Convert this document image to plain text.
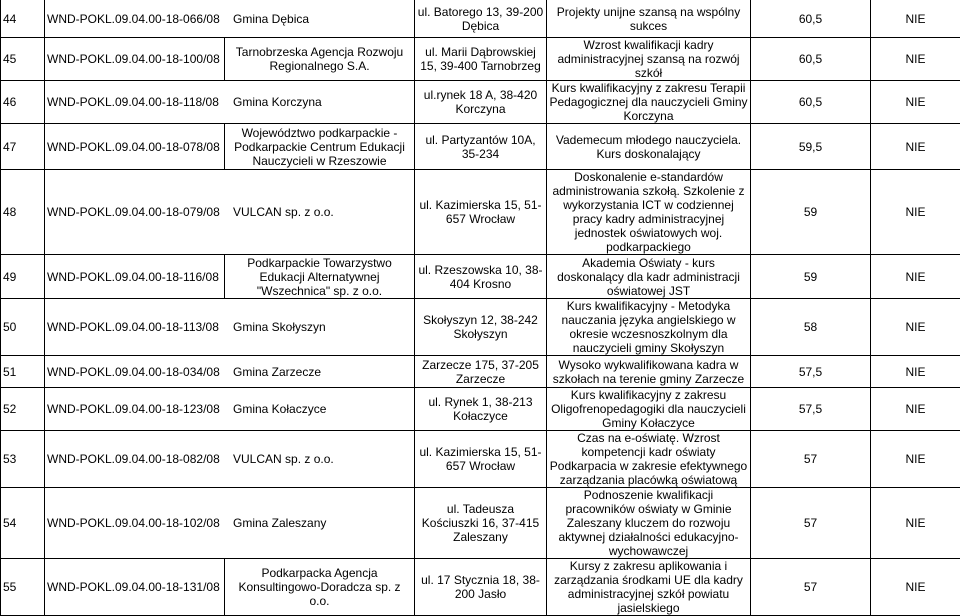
44	WND-POKL.09.04.00-18-066/08 Gmina Dębica		ul. Batorego 13, 39-200 Dębica	Projekty unijne szansą na wspólny sukces	60,5	NIE
45	WND-POKL.09.04.00-18-100/08	Tarnobrzeska Agencja Rozwoju Regionalnego S.A.	ul. Marii Dąbrowskiej 15, 39-400 Tarnobrzeg	Wzrost kwalifikacji kadry administracyjnej szansą na rozwój szkół	60,5	NIE
46	WND-POKL.09.04.00-18-118/08 Gmina Korczyna		ul.rynek 18 A, 38-420 Korczyna	Kurs kwalifikacyjny z zakresu Terapii Pedagogicznej dla nauczycieli Gminy Korczyna	60,5	NIE
47	WND-POKL.09.04.00-18-078/08	Województwo podkarpackie - Podkarpackie Centrum Edukacji Nauczycieli w Rzeszowie	ul. Partyzantów 10A, 35-234	Vademecum młodego nauczyciela. Kurs doskonalający	59,5	NIE
48	WND-POKL.09.04.00-18-079/08 VULCAN sp. z o.o.		ul. Kazimierska 15, 51-657 Wrocław	Doskonalenie e-standardów administrowania szkołą. Szkolenie z wykorzystania ICT w codziennej pracy kadry administracyjnej jednostek oświatowych woj. podkarpackiego	59	NIE
49	WND-POKL.09.04.00-18-116/08	Podkarpackie Towarzystwo Edukacji Alternatywnej "Wszechnica" sp. z o.o.	ul. Rzeszowska 10, 38-404 Krosno	Akademia Oświaty - kurs doskonalący dla kadr administracji oświatowej JST	59	NIE
50	WND-POKL.09.04.00-18-113/08 Gmina Skołyszyn		Skołyszyn 12, 38-242 Skołyszyn	Kurs kwalifikacyjny - Metodyka nauczania języka angielskiego w okresie wczesnoszkolnym dla nauczycieli gminy Skołyszyn	58	NIE
51	WND-POKL.09.04.00-18-034/08 Gmina Zarzecze		Zarzecze 175, 37-205 Zarzecze	Wysoko wykwalifikowana kadra w szkołach na terenie gminy Zarzecze	57,5	NIE
52	WND-POKL.09.04.00-18-123/08 Gmina Kołaczyce		ul. Rynek 1, 38-213 Kołaczyce	Kurs kwalifikacyjny z zakresu Oligofrenopedagogiki dla nauczycieli Gminy Kołaczyce	57,5	NIE
53	WND-POKL.09.04.00-18-082/08 VULCAN sp. z o.o.		ul. Kazimierska 15, 51-657 Wrocław	Czas na e-oświatę. Wzrost kompetencji kadr oświaty Podkarpacia w zakresie efektywnego zarządzania placówką oświatową	57	NIE
54	WND-POKL.09.04.00-18-102/08 Gmina Zaleszany		ul. Tadeusza Kościuszki 16, 37-415 Zaleszany	Podnoszenie kwalifikacji pracowników oświaty w Gminie Zaleszany kluczem do rozwoju aktywnej działalności edukacyjno-wychowawczej	57	NIE
55	WND-POKL.09.04.00-18-131/08	Podkarpacka Agencja Konsultingowo-Doradcza sp. z o.o.	ul. 17 Stycznia 18, 38-200 Jasło	Kursy z zakresu aplikowania i zarządzania środkami UE dla kadry administracyjnej szkół powiatu jasielskiego	57	NIE
